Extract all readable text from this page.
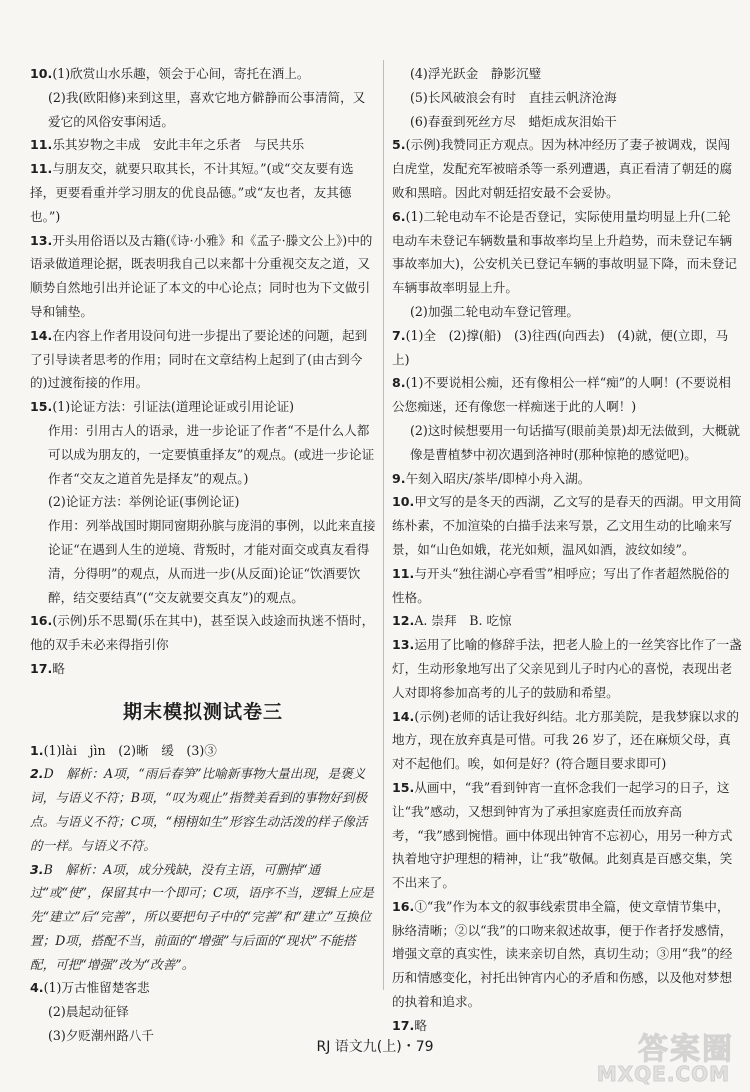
10.(1)欣赏山水乐趣，领会于心间，寄托在酒上。
(2)我(欧阳修)来到这里，喜欢它地方僻静而公事清简，又爱它的风俗安事闲适。
11.乐其岁物之丰成　安此丰年之乐者　与民共乐
11.与朋友交，就要只取其长，不计其短。”(或“交友要有选择，更要看重并学习朋友的优良品德。”或“友也者，友其德也。”)
13.开头用俗语以及古籍(《诗·小雅》和《孟子·滕文公上》)中的语录做道理论据，既表明我自己以来都十分重视交友之道，又顺势自然地引出并论证了本文的中心论点；同时也为下文做引导和铺垫。
14.在内容上作者用设问句进一步提出了要论述的问题，起到了引导读者思考的作用；同时在文章结构上起到了(由古到今的)过渡衔接的作用。
15.(1)论证方法：引证法(道理论证或引用论证)
作用：引用古人的语录，进一步论证了作者“不是什么人都可以成为朋友的，一定要慎重择友”的观点。(或进一步论证作者“交友之道首先是择友”的观点。)
(2)论证方法：举例论证(事例论证)
作用：列举战国时期同窗期孙膑与庞涓的事例，以此来直接论证“在遇到人生的逆境、背叛时，才能对面交或真友看得清，分得明”的观点，从而进一步(从反面)论证“饮酒要饮醉，结交要结真”(“交友就要交真友”)的观点。
16.(示例)乐不思蜀(乐在其中)，甚至误入歧途而执迷不悟时，他的双手未必来得指引你
17.略
期末模拟测试卷三
1.(1)lài　jìn　(2)晰　缓　(3)③
2.D　解析：A项，“雨后春笋”比喻新事物大量出现，是褒义词，与语义不符；B项，“叹为观止”指赞美看到的事物好到极点。与语义不符；C项，“栩栩如生”形容生动活泼的样子像活的一样。与语义不符。
3.B　解析：A项，成分残缺，没有主语，可删掉“通过”或“使”，保留其中一个即可；C项，语序不当，逻辑上应是先“建立”后“完善”，所以要把句子中的“完善”和“建立”互换位置；D项，搭配不当，前面的“增强”与后面的“现状”不能搭配，可把“增强”改为“改善”。
4.(1)万古惟留楚客悲
(2)晨起动征铎
(3)夕贬潮州路八千
(4)浮光跃金　静影沉璧
(5)长风破浪会有时　直挂云帆济沧海
(6)春蚕到死丝方尽　蜡炬成灰泪始干
5.(示例)我赞同正方观点。因为林冲经历了妻子被调戏，误闯白虎堂，发配充军被暗杀等一系列遭遇，真正看清了朝廷的腐败和黑暗。因此对朝廷招安最不会妥协。
6.(1)二轮电动车不论是否登记，实际使用量均明显上升(二轮电动车未登记车辆数量和事故率均呈上升趋势，而未登记车辆事故率加大)，公安机关已登记车辆的事故明显下降，而未登记车辆事故率明显上升。
(2)加强二轮电动车登记管理。
7.(1)全　(2)撑(船)　(3)往西(向西去)　(4)就，便(立即，马上)
8.(1)不要说相公痴，还有像相公一样“痴”的人啊！(不要说相公您痴迷，还有像您一样痴迷于此的人啊！)
(2)这时候想要用一句话描写(眼前美景)却无法做到，大概就像是曹植梦中初次遇到洛神时(那种惊艳的感觉吧)。
9.午刻入昭庆/茶毕/即棹小舟入湖。
10.甲文写的是冬天的西湖，乙文写的是春天的西湖。甲文用简练朴素，不加渲染的白描手法来写景，乙文用生动的比喻来写景，如“山色如娥，花光如颊，温风如酒，波纹如绫”。
11.与开头“独往湖心亭看雪”相呼应；写出了作者超然脱俗的性格。
12.A. 崇拜　B. 吃惊
13.运用了比喻的修辞手法，把老人脸上的一丝笑容比作了一盏灯，生动形象地写出了父亲见到儿子时内心的喜悦，表现出老人对即将参加高考的儿子的鼓励和希望。
14.(示例)老师的话让我好纠结。北方那美院，是我梦寐以求的地方，现在放弃真是可惜。可我 26 岁了，还在麻烦父母，真对不起他们。唉，如何是好？(符合题目要求即可)
15.从画中，“我”看到钟宵一直怀念我们一起学习的日子，这让“我”感动，又想到钟宵为了承担家庭责任而放弃高考，“我”感到惋惜。画中体现出钟宵不忘初心，用另一种方式执着地守护理想的精神，让“我”敬佩。此刻真是百感交集，笑不出来了。
16.①“我”作为本文的叙事线索贯串全篇，使文章情节集中，脉络清晰；②以“我”的口吻来叙述故事，便于作者抒发感情，增强文章的真实性，读来亲切自然，真切生动；③用“我”的经历和情感变化，衬托出钟宵内心的矛盾和伤感，以及他对梦想的执着和追求。
17.略
RJ 语文九(上)・79	答案圈
MXQE.COM
